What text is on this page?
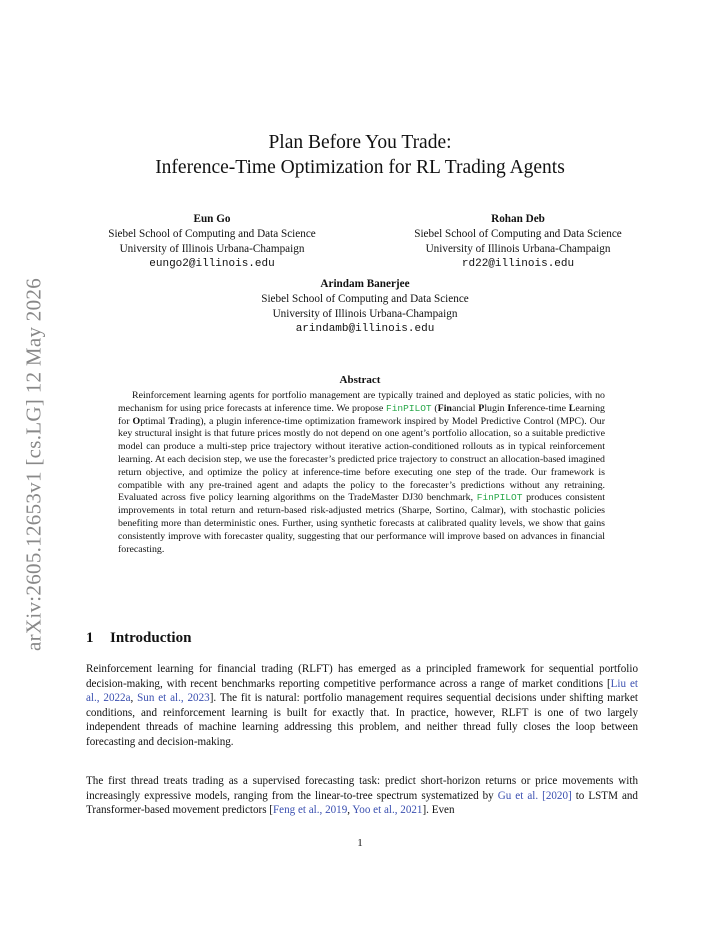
arXiv:2605.12653v1 [cs.LG] 12 May 2026
Plan Before You Trade:
Inference-Time Optimization for RL Trading Agents
Eun Go
Siebel School of Computing and Data Science
University of Illinois Urbana-Champaign
eungo2@illinois.edu
Rohan Deb
Siebel School of Computing and Data Science
University of Illinois Urbana-Champaign
rd22@illinois.edu
Arindam Banerjee
Siebel School of Computing and Data Science
University of Illinois Urbana-Champaign
arindamb@illinois.edu
Abstract

Reinforcement learning agents for portfolio management are typically trained and deployed as static policies, with no mechanism for using price forecasts at inference time. We propose FinPILOT (Financial Plugin Inference-time Learning for Optimal Trading), a plugin inference-time optimization framework inspired by Model Predictive Control (MPC). Our key structural insight is that future prices mostly do not depend on one agent’s portfolio allocation, so a suitable predictive model can produce a multi-step price trajectory without iterative action-conditioned rollouts as in typical reinforcement learning. At each decision step, we use the forecaster’s predicted price trajectory to construct an allocation-based imagined return objective, and optimize the policy at inference-time before executing one step of the trade. Our framework is compatible with any pre-trained agent and adapts the policy to the forecaster’s predictions without any retraining. Evaluated across five policy learning algorithms on the TradeMaster DJ30 benchmark, FinPILOT produces consistent improvements in total return and return-based risk-adjusted metrics (Sharpe, Sortino, Calmar), with stochastic policies benefiting more than deterministic ones. Further, using synthetic forecasts at calibrated quality levels, we show that gains consistently improve with forecaster quality, suggesting that our performance will improve based on advances in financial forecasting.

1 Introduction

Reinforcement learning for financial trading (RLFT) has emerged as a principled framework for sequential portfolio decision-making, with recent benchmarks reporting competitive performance across a range of market conditions [Liu et al., 2022a, Sun et al., 2023]. The fit is natural: portfolio management requires sequential decisions under shifting market conditions, and reinforcement learning is built for exactly that. In practice, however, RLFT is one of two largely independent threads of machine learning addressing this problem, and neither thread fully closes the loop between forecasting and decision-making.

The first thread treats trading as a supervised forecasting task: predict short-horizon returns or price movements with increasingly expressive models, ranging from the linear-to-tree spectrum systematized by Gu et al. [2020] to LSTM and Transformer-based movement predictors [Feng et al., 2019, Yoo et al., 2021]. Even

1
